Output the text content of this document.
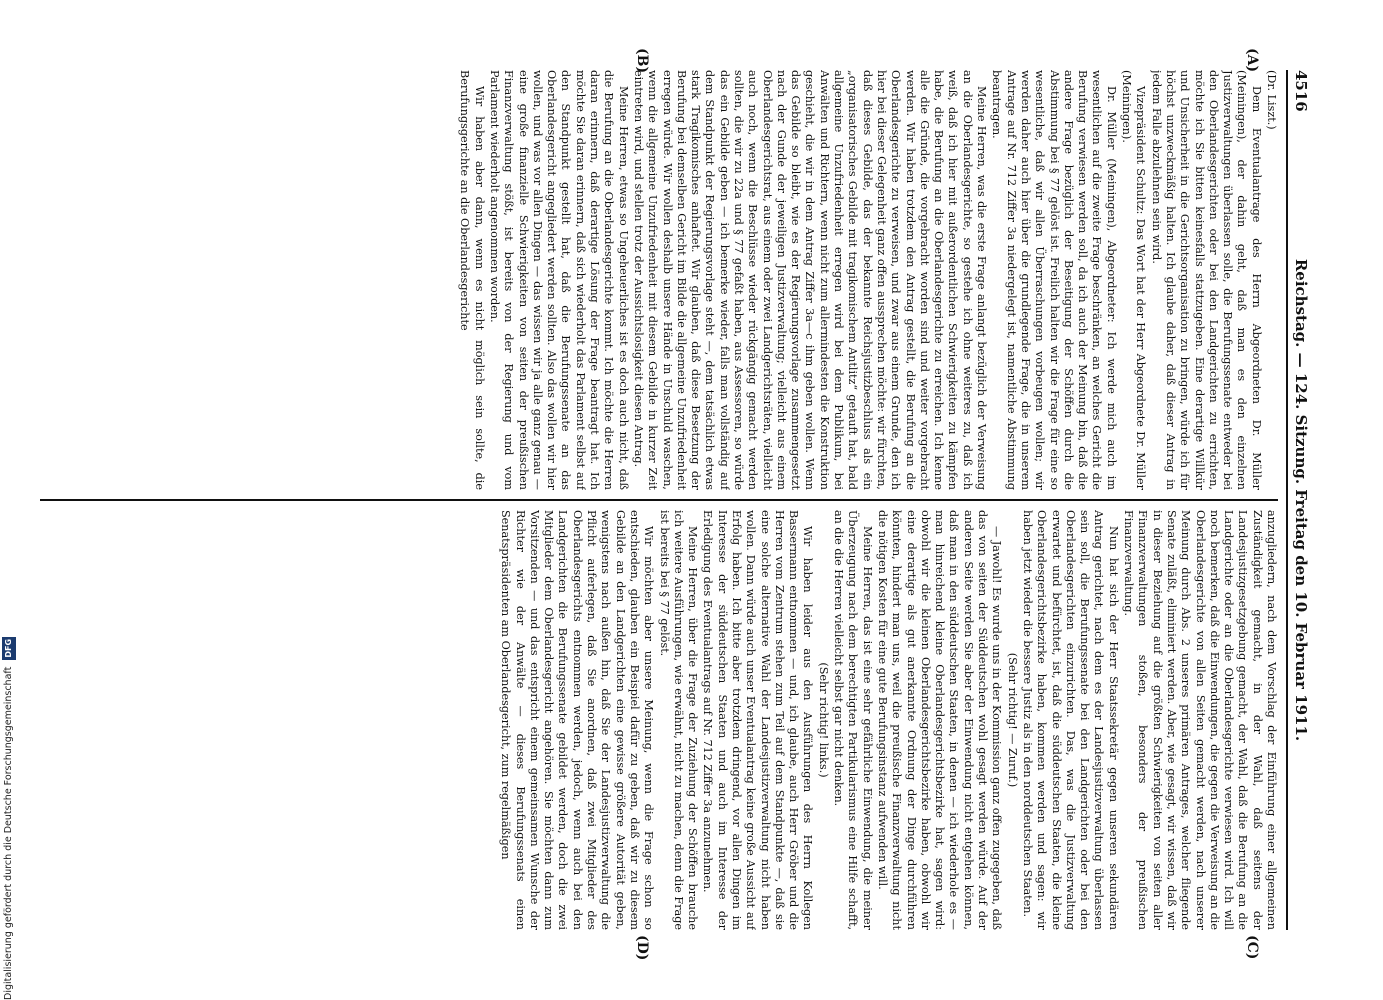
4516
Reichstag. — 124. Sitzung. Freitag den 10. Februar 1911.
(A)
(B)
(C)
(D)

(Dr. Liszt.)

Dem Eventualantrage des Herrn Abgeordneten Dr. Müller (Meiningen), der dahin geht, daß man es den einzelnen Justizverwaltungen überlassen solle, die Berufungssenate entweder bei den Oberlandesgerichten oder bei den Landgerichten zu errichten, möchte ich Sie bitten keinesfalls stattzugeben. Eine derartige Willkür und Unsicherheit in die Gerichtsorganisation zu bringen, würde ich für höchst unzweckmäßig halten. Ich glaube daher, daß dieser Antrag in jedem Falle abzulehnen sein wird.

Vizepräsident Schultz: Das Wort hat der Herr Abgeordnete Dr. Müller (Meiningen).

Dr. Müller (Meiningen), Abgeordneter: Ich werde mich auch im wesentlichen auf die zweite Frage beschränken, an welches Gericht die Berufung verwiesen werden soll, da ich auch der Meinung bin, daß die andere Frage bezüglich der Beseitigung der Schöffen durch die Abstimmung bei § 77 gelöst ist. Freilich halten wir die Frage für eine so wesentliche, daß wir allen Überraschungen vorbeugen wollen; wir werden daher auch hier über die grundlegende Frage, die in unserem Antrage auf Nr. 712 Ziffer 3a niedergelegt ist, namentliche Abstimmung beantragen.

Meine Herren, was die erste Frage anlangt bezüglich der Verweisung an die Oberlandesgerichte, so gestehe ich ohne weiteres zu, daß ich weiß, daß ich hier mit außerordentlichen Schwierigkeiten zu kämpfen habe, die Berufung an die Oberlandesgerichte zu erreichen. Ich kenne alle die Gründe, die vorgebracht worden sind und weiter vorgebracht werden. Wir haben trotzdem den Antrag gestellt, die Berufung an die Oberlandesgerichte zu verweisen, und zwar aus einem Grunde, den ich hier bei dieser Gelegenheit ganz offen aussprechen möchte: wir fürchten, daß dieses Gebilde, das der bekannte Reichsjustizbeschluss als ein „organisatorisches Gebilde mit tragikomischem Antlitz“ getauft hat, bald allgemeine Unzufriedenheit erregen wird bei dem Publikum, bei Anwälten und Richtern, wenn nicht zum allermindesten die Konstruktion geschieht, die wir in dem Antrag Ziffer 3a—c ihm geben wollen. Wenn das Gebilde so bleibt, wie es der Regierungsvorlage zusammengesetzt nach der Gunde der jeweiligen Justizverwaltung; vielleicht aus einem Oberlandesgerichtsrat, aus einem oder zwei Landgerichtsräten, vielleicht auch noch, wenn die Beschlüsse wieder rückgängig gemacht werden sollten, die wir zu 22a und § 77 gefaßt haben, aus Assessoren, so würde das ein Gebilde geben — ich bemerke wieder, falls man vollständig auf dem Standpunkt der Regierungsvorlage steht —, dem tatsächlich etwas stark Tragikomisches anhaftet. Wir glauben, daß diese Besetzung der Berufung bei demselben Gericht im Bilde die allgemeine Unzufriedenheit erregen würde. Wir wollen deshalb unsere Hände in Unschuld waschen, wenn die allgemeine Unzufriedenheit mit diesem Gebilde in kurzer Zeit eintreten wird, und stellen trotz der Aussichtslosigkeit diesen Antrag.

Meine Herren, etwas so Ungeheuerliches ist es doch auch nicht, daß die Berufung an die Oberlandesgerichte kommt. Ich möchte die Herren daran erinnern, daß derartige Lösung der Frage beantragt hat. Ich möchte Sie daran erinnern, daß sich wiederholt das Parlament selbst auf den Standpunkt gestellt hat, daß die Berufungssenate an das Oberlandesgericht angegliedert werden sollten. Also das wollen wir hier wollen, und was vor allen Dingen — das wissen wir ja alle ganz genau — eine große finanzielle Schwierigkeiten von seiten der preußischen Finanzverwaltung stößt, ist bereits von der Regierung und vom Parlament wiederholt angenommen worden.

Wir haben aber dann, wenn es nicht möglich sein sollte, die Berufungsgerichte an die Oberlandesgerichte

anzugliedern, nach dem Vorschlag der Einführung einer allgemeinen Zuständigkeit gemacht, in der Wahl, daß seitens der Landesjustizgesetzgebung gemacht, der Wahl, daß die Berufung an die Landgerichte oder an die Oberlandesgerichte verwiesen wird. Ich will noch bemerken, daß die Einwendungen, die gegen die Verweisung an die Oberlandesgerichte von allen Seiten gemacht werden, nach unserer Meinung durch Abs. 2 unseres primären Antrages, welcher fliegende Senate zuläßt, eliminiert werden. Aber, wie gesagt, wir wissen, daß wir in dieser Beziehung auf die größten Schwierigkeiten von seiten aller Finanzverwaltungen stoßen, besonders der preußischen Finanzverwaltung.

Nun hat sich der Herr Staatssekretär gegen unseren sekundären Antrag gerichtet, nach dem es der Landesjustizverwaltung überlassen sein soll, die Berufungssenate bei den Landgerichten oder bei den Oberlandesgerichten einzurichten. Das, was die Justizverwaltung erwartet und befürchtet, ist, daß die süddeutschen Staaten, die kleine Oberlandesgerichtsbezirke haben, kommen werden und sagen: wir haben jetzt wieder die bessere Justiz als in den norddeutschen Staaten.

(Sehr richtig! — Zuruf.)

— Jawohl! Es wurde uns in der Kommission ganz offen zugegeben, daß das von seiten der Süddeutschen wohl gesagt werden würde. Auf der anderen Seite werden Sie aber der Einwendung nicht entgehen können, daß man in den süddeutschen Staaten, in denen — ich wiederhole es — man hinreichend kleine Oberlandesgerichtsbezirke hat, sagen wird: obwohl wir die kleinen Oberlandesgerichtsbezirke haben, obwohl wir eine derartige als gut anerkannte Ordnung der Dinge durchführen könnten, hindert man uns, weil die preußische Finanzverwaltung nicht die nötigen Kosten für eine gute Berufungsinstanz aufwenden will.

Meine Herren, das ist eine sehr gefährliche Einwendung, die meiner Überzeugung nach dem berechtigten Partikularismus eine Hilfe schafft, an die die Herren vielleicht selbst gar nicht denken.

(Sehr richtig! links.)

Wir haben leider aus den Ausführungen des Herrn Kollegen Bassermann entnommen — und, ich glaube, auch Herr Gröber und die Herren vom Zentrum stehen zum Teil auf dem Standpunkte —, daß sie eine solche alternative Wahl der Landesjustizverwaltung nicht haben wollen. Dann würde auch unser Eventualantrag keine große Aussicht auf Erfolg haben. Ich bitte aber trotzdem dringend, vor allen Dingen im Interesse der süddeutschen Staaten und auch im Interesse der Erledigung des Eventualantrags auf Nr. 712 Ziffer 3a anzunehmen.

Meine Herren, über die Frage der Zuziehung der Schöffen brauche ich weitere Ausführungen, wie erwähnt, nicht zu machen, denn die Frage ist bereits bei § 77 gelöst.

Wir möchten aber unsere Meinung, wenn die Frage schon so entschieden, glauben ein Beispiel dafür zu geben, daß wir zu diesem Gebilde an den Landgerichten eine gewisse größere Autorität geben, wenigstens nach außen hin, daß Sie der Landesjustizverwaltung die Pflicht auferlegen, daß Sie anordnen, daß zwei Mitglieder des Oberlandesgerichts entnommen werden, jedoch, wenn auch bei den Landgerichten die Berufungssenate gebildet werden, doch die zwei Mitglieder dem Oberlandesgericht angehören. Sie möchten dann zum Vorsitzenden — und das entspricht einem gemeinsamen Wunsche der Richter wie der Anwälte — dieses Berufungssenats einen Senatspräsidenten am Oberlandesgericht, zum regelmäßigen

Digitalisierung gefördert durch die Deutsche Forschungsgemeinschaft DFG
